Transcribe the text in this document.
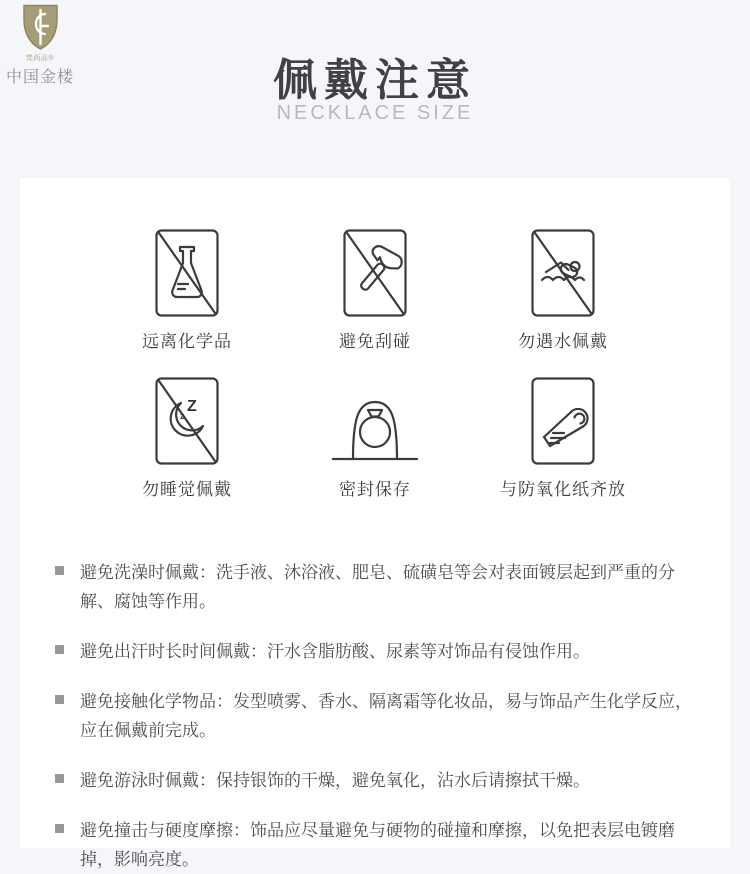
梵尚品®
中国金楼	佩戴注意
NECKLACE SIZE
远离化学品	避免刮碰	勿遇水佩戴
Z
z
勿睡觉佩戴	密封保存	与防氧化纸齐放
避免洗澡时佩戴：洗手液、沐浴液、肥皂、硫磺皂等会对表面镀层起到严重的分解、腐蚀等作用。
避免出汗时长时间佩戴：汗水含脂肪酸、尿素等对饰品有侵蚀作用。
避免接触化学物品：发型喷雾、香水、隔离霜等化妆品，易与饰品产生化学反应，应在佩戴前完成。
避免游泳时佩戴：保持银饰的干燥，避免氧化，沾水后请擦拭干燥。
避免撞击与硬度摩擦：饰品应尽量避免与硬物的碰撞和摩擦，以免把表层电镀磨掉，影响亮度。
